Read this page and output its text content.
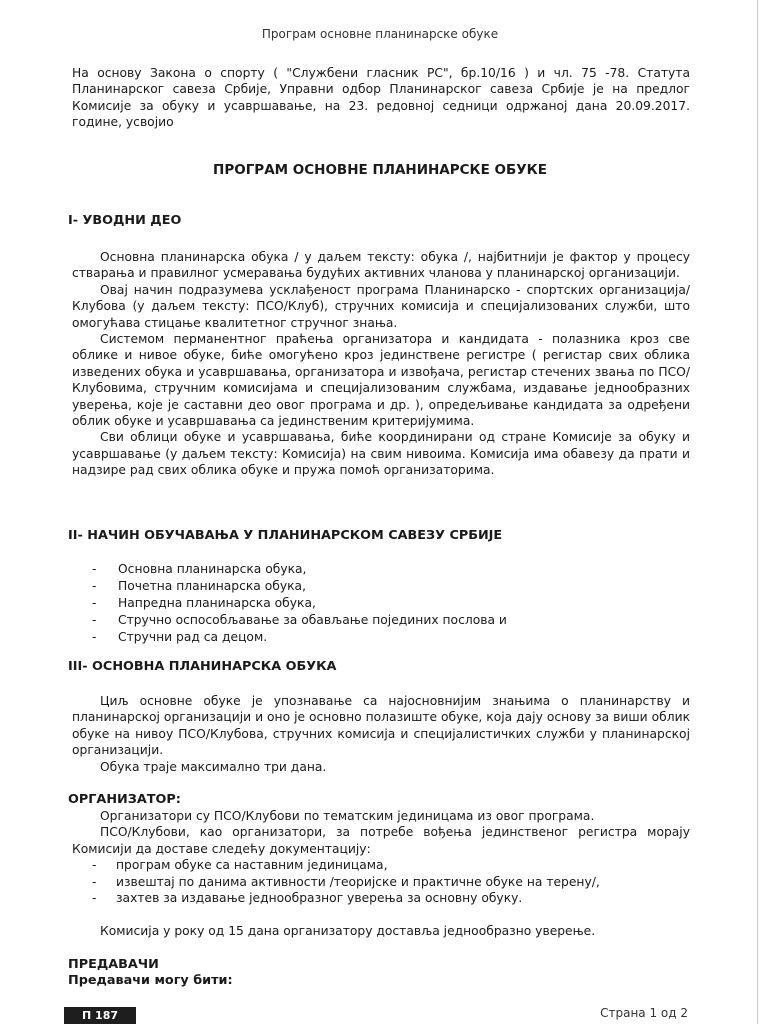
Програм основне планинарске обуке

На основу Закона о спорту ( "Службени гласник РС", бр.10/16 ) и чл. 75 -78. Статута Планинарског савеза Србије, Управни одбор Планинарског савеза Србије је на предлог Комисије за обуку и усавршавање, на 23. редовној седници одржаној дана 20.09.2017. године, усвојио

ПРОГРАМ ОСНОВНЕ ПЛАНИНАРСКЕ ОБУКЕ
I- УВОДНИ ДЕО

Основна планинарска обука / у даљем тексту: обука /, најбитнији је фактор у процесу стварања и правилног усмеравања будућих активних чланова у планинарској организацији.

Овај начин подразумева усклађеност програма Планинарско - спортских организација/Клубова (у даљем тексту: ПСО/Клуб), стручних комисија и специјализованих служби, што омогућава стицање квалитетног стручног знања.

Системом перманентног праћења организатора и кандидата - полазника кроз све облике и нивое обуке, биће омогућено кроз јединствене регистре ( регистар свих облика изведених обука и усавршавања, организатора и извођача, регистар стечених звања по ПСО/Клубовима, стручним комисијама и специјализованим службама, издавање једнообразних уверења, које је саставни део овог програма и др. ), опредељивање кандидата за одређени облик обуке и усавршавања са јединственим критеријумима.

Сви облици обуке и усавршавања, биће координирани од стране Комисије за обуку и усавршавање (у даљем тексту: Комисија) на свим нивоима. Комисија има обавезу да прати и надзире рад свих облика обуке и пружа помоћ организаторима.

II- НАЧИН ОБУЧАВАЊА У ПЛАНИНАРСКОМ САВЕЗУ СРБИЈЕ
- Основна планинарска обука,
- Почетна планинарска обука,
- Напредна планинарска обука,
- Стручно оспособљавање за обављање појединих послова и
- Стручни рад са децом.
III- ОСНОВНА ПЛАНИНАРСКА ОБУКА

Циљ основне обуке је упознавање са најосновнијим знањима о планинарству и планинарској организацији и оно је основно полазиште обуке, која дају основу за виши облик обуке на нивоу ПСО/Клубова, стручних комисија и специјалистичких служби у планинарској организацији.

Обука траје максимално три дана.

ОРГАНИЗАТОР:

Организатори су ПСО/Клубови по тематским јединицама из овог програма.

ПСО/Клубови, као организатори, за потребе вођења јединственог регистра морају Комисији да доставе следећу документацију:

- програм обуке са наставним јединицама,
- извештај по данима активности /теоријске и практичне обуке на терену/,
- захтев за издавање једнообразног уверења за основну обуку.

Комисија у року од 15 дана организатору доставља једнообразно уверење.

ПРЕДАВАЧИ
Предавачи могу бити:
П 187	Страна 1 од 2
